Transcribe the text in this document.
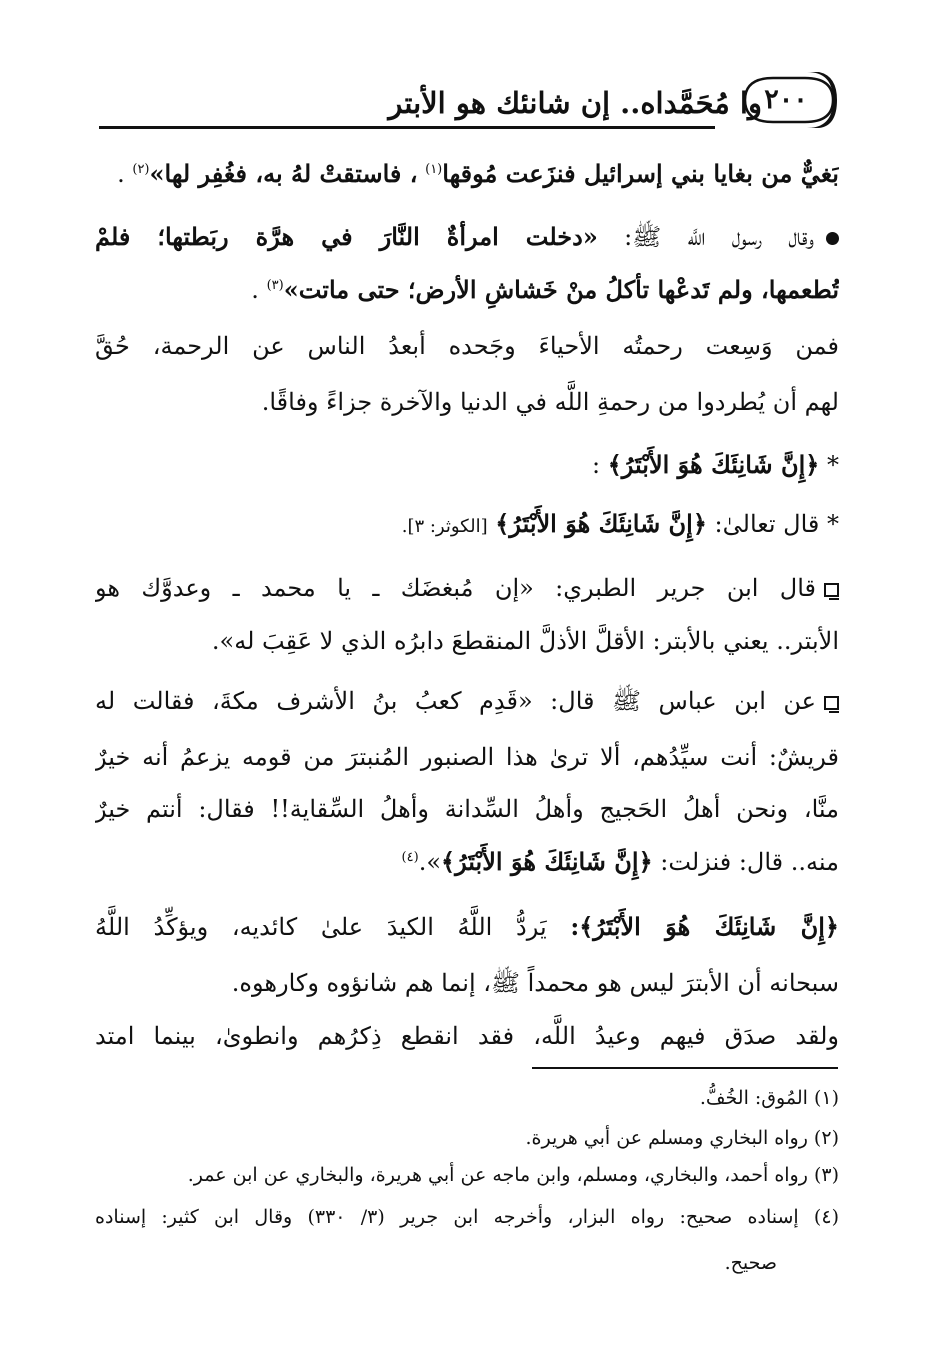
وا مُحَمَّداه.. إن شانئك هو الأبتر ٢٠٠
بَغيٌّ من بغايا بني إسرائيل فنزَعت مُوقها$^{(١)}$ ، فاستقتْ لهُ به، فغُفِر لها»$^{(٢)}$ .
وقال رسول اللَّه ﷺ: «دخلت امرأةٌ النَّارَ في هرَّة ربَطتها؛ فلمْ
تُطعمها، ولم تَدعْها تأكلُ منْ خَشاشِ الأرض؛ حتى ماتت»$^{(٣)}$ .
فمن وَسِعت رحمتُه الأحياءَ وجَحده أبعدُ الناس عن الرحمة، حُقَّ
لهم أن يُطردوا من رحمةِ اللَّه في الدنيا والآخرة جزاءً وفاقًا.
* ﴿إِنَّ شَانِئَكَ هُوَ الأَبْتَرُ﴾ :
* قال تعالىٰ: ﴿إِنَّ شَانِئَكَ هُوَ الأَبْتَرُ﴾ [الكوثر: ٣].
قال ابن جرير الطبري: «إن مُبغضَك ـ يا محمد ـ وعدوَّك هو
الأبتر.. يعني بالأبتر: الأقلَّ الأذلَّ المنقطعَ دابرُه الذي لا عَقِبَ له».
عن ابن عباس ﷺ قال: «قَدِم كعبُ بنُ الأشرف مكةَ، فقالت له
قريشٌ: أنت سيِّدُهم، ألا ترىٰ هذا الصنبور المُنبترَ من قومه يزعمُ أنه خيرٌ
منَّا، ونحن أهلُ الحَجيج وأهلُ السِّدانة وأهلُ السِّقاية!! فقال: أنتم خيرٌ
منه.. قال: فنزلت: ﴿إِنَّ شَانِئَكَ هُوَ الأَبْتَرُ﴾».$^{(٤)}$
﴿إِنَّ شَانِئَكَ هُوَ الأَبْتَرُ﴾: يَردُّ اللَّهُ الكيدَ علىٰ كائديه، ويؤكِّدُ اللَّهُ
سبحانه أن الأبترَ ليس هو محمداً ﷺ، إنما هم شانؤوه وكارهوه.
ولقد صدَق فيهم وعيدُ اللَّه، فقد انقطع ذِكرُهم وانطوىٰ، بينما امتد
(١) المُوق: الخُفُّ.
(٢) رواه البخاري ومسلم عن أبي هريرة.
(٣) رواه أحمد، والبخاري، ومسلم، وابن ماجه عن أبي هريرة، والبخاري عن ابن عمر.
(٤) إسناده صحيح: رواه البزار، وأخرجه ابن جرير (٣/ ٣٣٠) وقال ابن كثير: إسناده
صحيح.
